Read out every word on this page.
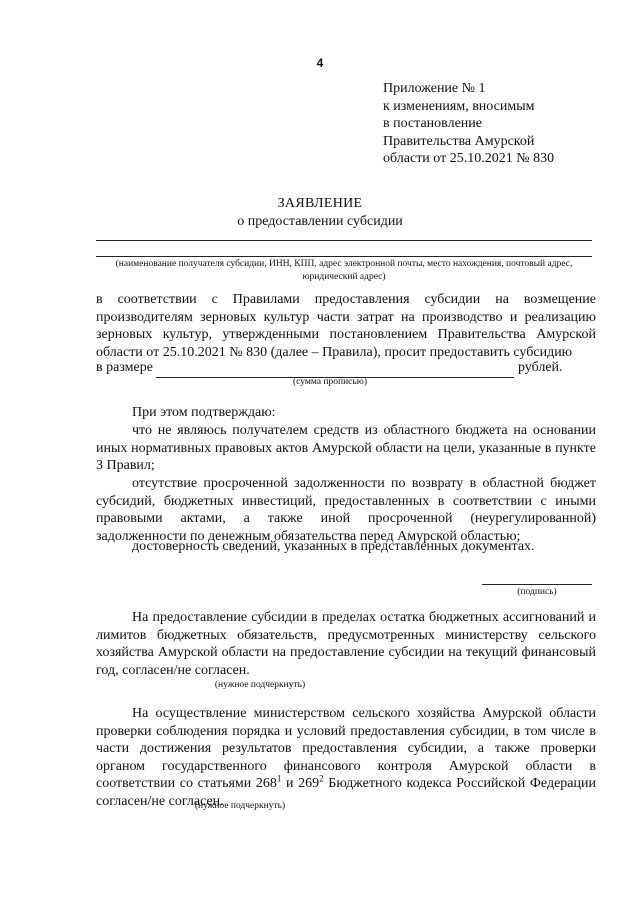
4
Приложение № 1
к изменениям, вносимым
в постановление
Правительства Амурской
области от 25.10.2021 № 830
ЗАЯВЛЕНИЕ
о предоставлении субсидии
(наименование получателя субсидии, ИНН, КПП, адрес электронной почты, место нахождения, почтовый адрес, юридический адрес)
в соответствии с Правилами предоставления субсидии на возмещение производителям зерновых культур части затрат на производство и реализацию зерновых культур, утвержденными постановлением Правительства Амурской области от 25.10.2021 № 830 (далее – Правила), просит предоставить субсидию
в размере	рублей.
(сумма прописью)
При этом подтверждаю:
что не являюсь получателем средств из областного бюджета на основании иных нормативных правовых актов Амурской области на цели, указанные в пункте 3 Правил;
отсутствие просроченной задолженности по возврату в областной бюджет субсидий, бюджетных инвестиций, предоставленных в соответствии с иными правовыми актами, а также иной просроченной (неурегулированной) задолженности по денежным обязательства перед Амурской областью;
достоверность сведений, указанных в представленных документах.
(подпись)
На предоставление субсидии в пределах остатка бюджетных ассигнований и лимитов бюджетных обязательств, предусмотренных министерству сельского хозяйства Амурской области на предоставление субсидии на текущий финансовый год, согласен/не согласен.
(нужное подчеркнуть)
На осуществление министерством сельского хозяйства Амурской области проверки соблюдения порядка и условий предоставления субсидии, в том числе в части достижения результатов предоставления субсидии, а также проверки органом государственного финансового контроля Амурской области в соответствии со статьями $268^1$ и $269^2$ Бюджетного кодекса Российской Федерации согласен/не согласен.
(нужное подчеркнуть)
